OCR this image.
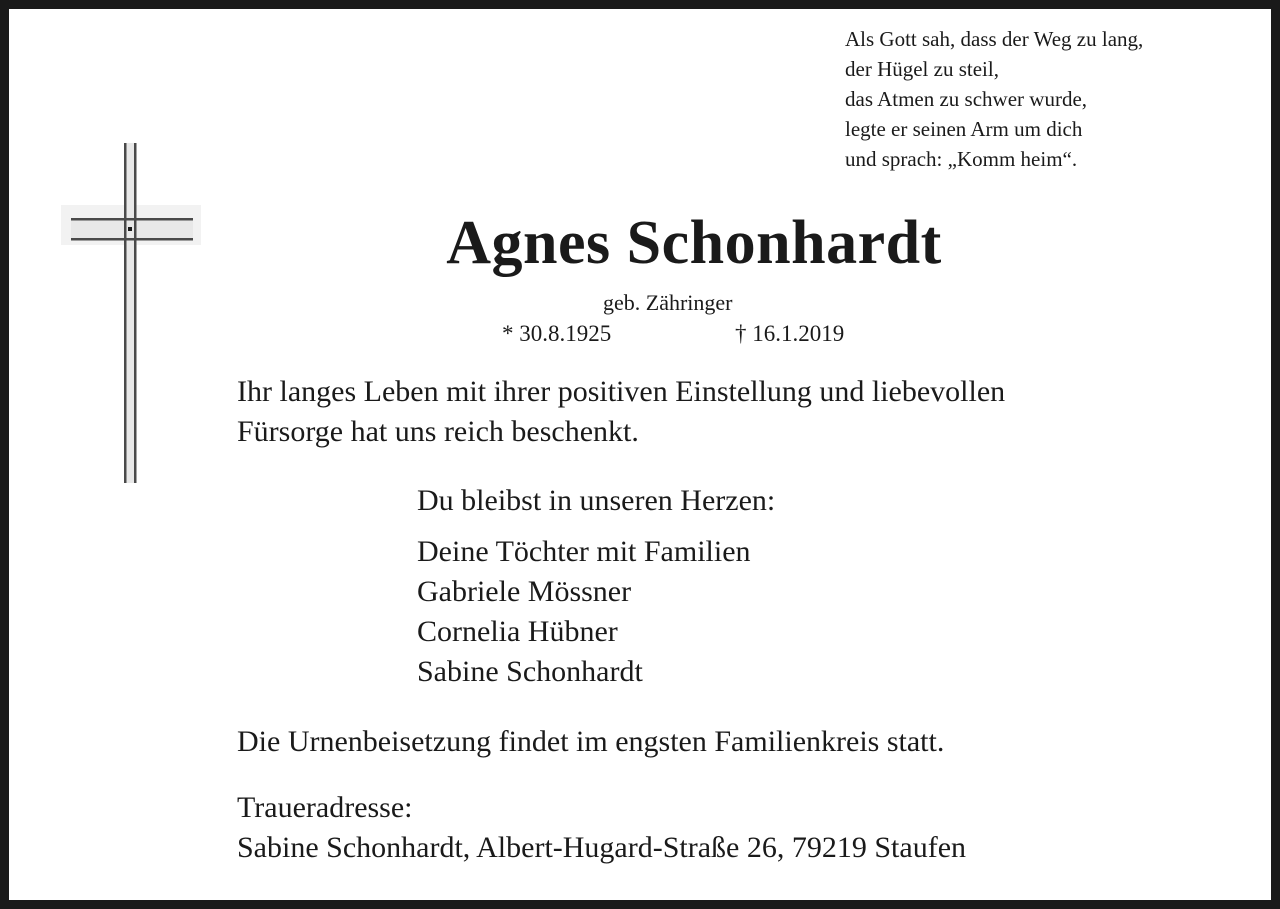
Als Gott sah, dass der Weg zu lang,
der Hügel zu steil,
das Atmen zu schwer wurde,
legte er seinen Arm um dich
und sprach: „Komm heim“.
Agnes Schonhardt
geb. Zähringer
* 30.8.1925	† 16.1.2019
Ihr langes Leben mit ihrer positiven Einstellung und liebevollen
Fürsorge hat uns reich beschenkt.
Du bleibst in unseren Herzen:
Deine Töchter mit Familien
Gabriele Mössner
Cornelia Hübner
Sabine Schonhardt
Die Urnenbeisetzung findet im engsten Familienkreis statt.
Traueradresse:
Sabine Schonhardt, Albert-Hugard-Straße 26, 79219 Staufen
